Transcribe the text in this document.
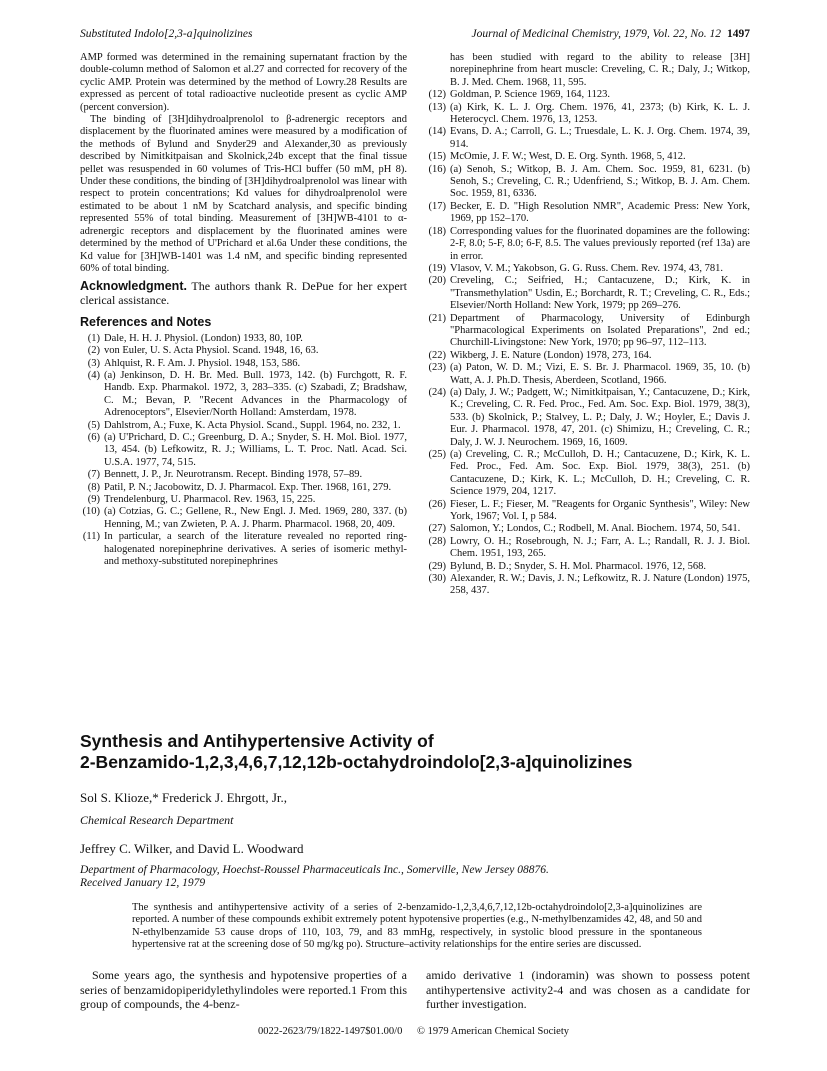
Substituted Indolo[2,3-a]quinolizines	Journal of Medicinal Chemistry, 1979, Vol. 22, No. 12 1497

AMP formed was determined in the remaining supernatant fraction by the double-column method of Salomon et al.27 and corrected for recovery of the cyclic AMP. Protein was determined by the method of Lowry.28 Results are expressed as percent of total radioactive nucleotide present as cyclic AMP (percent conversion).

The binding of [3H]dihydroalprenolol to β-adrenergic receptors and displacement by the fluorinated amines were measured by a modification of the methods of Bylund and Snyder29 and Alexander,30 as previously described by Nimitkitpaisan and Skolnick,24b except that the final tissue pellet was resuspended in 60 volumes of Tris-HCl buffer (50 mM, pH 8). Under these conditions, the binding of [3H]dihydroalprenolol was linear with respect to protein concentrations; Kd values for dihydroalprenolol were estimated to be about 1 nM by Scatchard analysis, and specific binding represented 55% of total binding. Measurement of [3H]WB-4101 to α-adrenergic receptors and displacement by the fluorinated amines were determined by the method of U'Prichard et al.6a Under these conditions, the Kd value for [3H]WB-1401 was 1.4 nM, and specific binding represented 60% of total binding.

Acknowledgment. The authors thank R. DePue for her expert clerical assistance.

References and Notes
(1) Dale, H. H. J. Physiol. (London) 1933, 80, 10P.
(2) von Euler, U. S. Acta Physiol. Scand. 1948, 16, 63.
(3) Ahlquist, R. F. Am. J. Physiol. 1948, 153, 586.
(4) (a) Jenkinson, D. H. Br. Med. Bull. 1973, 142. (b) Furchgott, R. F. Handb. Exp. Pharmakol. 1972, 3, 283–335. (c) Szabadi, Z; Bradshaw, C. M.; Bevan, P. "Recent Advances in the Pharmacology of Adrenoceptors", Elsevier/North Holland: Amsterdam, 1978.
(5) Dahlstrom, A.; Fuxe, K. Acta Physiol. Scand., Suppl. 1964, no. 232, 1.
(6) (a) U'Prichard, D. C.; Greenburg, D. A.; Snyder, S. H. Mol. Biol. 1977, 13, 454. (b) Lefkowitz, R. J.; Williams, L. T. Proc. Natl. Acad. Sci. U.S.A. 1977, 74, 515.
(7) Bennett, J. P., Jr. Neurotransm. Recept. Binding 1978, 57–89.
(8) Patil, P. N.; Jacobowitz, D. J. Pharmacol. Exp. Ther. 1968, 161, 279.
(9) Trendelenburg, U. Pharmacol. Rev. 1963, 15, 225.
(10) (a) Cotzias, G. C.; Gellene, R., New Engl. J. Med. 1969, 280, 337. (b) Henning, M.; van Zwieten, P. A. J. Pharm. Pharmacol. 1968, 20, 409.
(11) In particular, a search of the literature revealed no reported ring-halogenated norepinephrine derivatives. A series of isomeric methyl- and methoxy-substituted norepinephrines

has been studied with regard to the ability to release [3H] norepinephrine from heart muscle: Creveling, C. R.; Daly, J.; Witkop, B. J. Med. Chem. 1968, 11, 595.

(12) Goldman, P. Science 1969, 164, 1123.
(13) (a) Kirk, K. L. J. Org. Chem. 1976, 41, 2373; (b) Kirk, K. L. J. Heterocycl. Chem. 1976, 13, 1253.
(14) Evans, D. A.; Carroll, G. L.; Truesdale, L. K. J. Org. Chem. 1974, 39, 914.
(15) McOmie, J. F. W.; West, D. E. Org. Synth. 1968, 5, 412.
(16) (a) Senoh, S.; Witkop, B. J. Am. Chem. Soc. 1959, 81, 6231. (b) Senoh, S.; Creveling, C. R.; Udenfriend, S.; Witkop, B. J. Am. Chem. Soc. 1959, 81, 6336.
(17) Becker, E. D. "High Resolution NMR", Academic Press: New York, 1969, pp 152–170.
(18) Corresponding values for the fluorinated dopamines are the following: 2-F, 8.0; 5-F, 8.0; 6-F, 8.5. The values previously reported (ref 13a) are in error.
(19) Vlasov, V. M.; Yakobson, G. G. Russ. Chem. Rev. 1974, 43, 781.
(20) Creveling, C.; Seifried, H.; Cantacuzene, D.; Kirk, K. in "Transmethylation" Usdin, E.; Borchardt, R. T.; Creveling, C. R., Eds.; Elsevier/North Holland: New York, 1979; pp 269–276.
(21) Department of Pharmacology, University of Edinburgh "Pharmacological Experiments on Isolated Preparations", 2nd ed.; Churchill-Livingstone: New York, 1970; pp 96–97, 112–113.
(22) Wikberg, J. E. Nature (London) 1978, 273, 164.
(23) (a) Paton, W. D. M.; Vizi, E. S. Br. J. Pharmacol. 1969, 35, 10. (b) Watt, A. J. Ph.D. Thesis, Aberdeen, Scotland, 1966.
(24) (a) Daly, J. W.; Padgett, W.; Nimitkitpaisan, Y.; Cantacuzene, D.; Kirk, K.; Creveling, C. R. Fed. Proc., Fed. Am. Soc. Exp. Biol. 1979, 38(3), 533. (b) Skolnick, P.; Stalvey, L. P.; Daly, J. W.; Hoyler, E.; Davis J. Eur. J. Pharmacol. 1978, 47, 201. (c) Shimizu, H.; Creveling, C. R.; Daly, J. W. J. Neurochem. 1969, 16, 1609.
(25) (a) Creveling, C. R.; McCulloh, D. H.; Cantacuzene, D.; Kirk, K. L. Fed. Proc., Fed. Am. Soc. Exp. Biol. 1979, 38(3), 251. (b) Cantacuzene, D.; Kirk, K. L.; McCulloh, D. H.; Creveling, C. R. Science 1979, 204, 1217.
(26) Fieser, L. F.; Fieser, M. "Reagents for Organic Synthesis", Wiley: New York, 1967; Vol. I, p 584.
(27) Salomon, Y.; Londos, C.; Rodbell, M. Anal. Biochem. 1974, 50, 541.
(28) Lowry, O. H.; Rosebrough, N. J.; Farr, A. L.; Randall, R. J. J. Biol. Chem. 1951, 193, 265.
(29) Bylund, B. D.; Snyder, S. H. Mol. Pharmacol. 1976, 12, 568.
(30) Alexander, R. W.; Davis, J. N.; Lefkowitz, R. J. Nature (London) 1975, 258, 437.
Synthesis and Antihypertensive Activity of
2-Benzamido-1,2,3,4,6,7,12,12b-octahydroindolo[2,3-a]quinolizines
Sol S. Klioze,* Frederick J. Ehrgott, Jr.,
Chemical Research Department
Jeffrey C. Wilker, and David L. Woodward
Department of Pharmacology, Hoechst-Roussel Pharmaceuticals Inc., Somerville, New Jersey 08876.
Received January 12, 1979
The synthesis and antihypertensive activity of a series of 2-benzamido-1,2,3,4,6,7,12,12b-octahydroindolo[2,3-a]quinolizines are reported. A number of these compounds exhibit extremely potent hypotensive properties (e.g., N-methylbenzamides 42, 48, and 50 and N-ethylbenzamide 53 cause drops of 110, 103, 79, and 83 mmHg, respectively, in systolic blood pressure in the spontaneous hypertensive rat at the screening dose of 50 mg/kg po). Structure–activity relationships for the entire series are discussed.
Some years ago, the synthesis and hypotensive properties of a series of benzamidopiperidylethylindoles were reported.1 From this group of compounds, the 4-benz-
amido derivative 1 (indoramin) was shown to possess potent antihypertensive activity2-4 and was chosen as a candidate for further investigation.
0022-2623/79/1822-1497$01.00/0 © 1979 American Chemical Society
